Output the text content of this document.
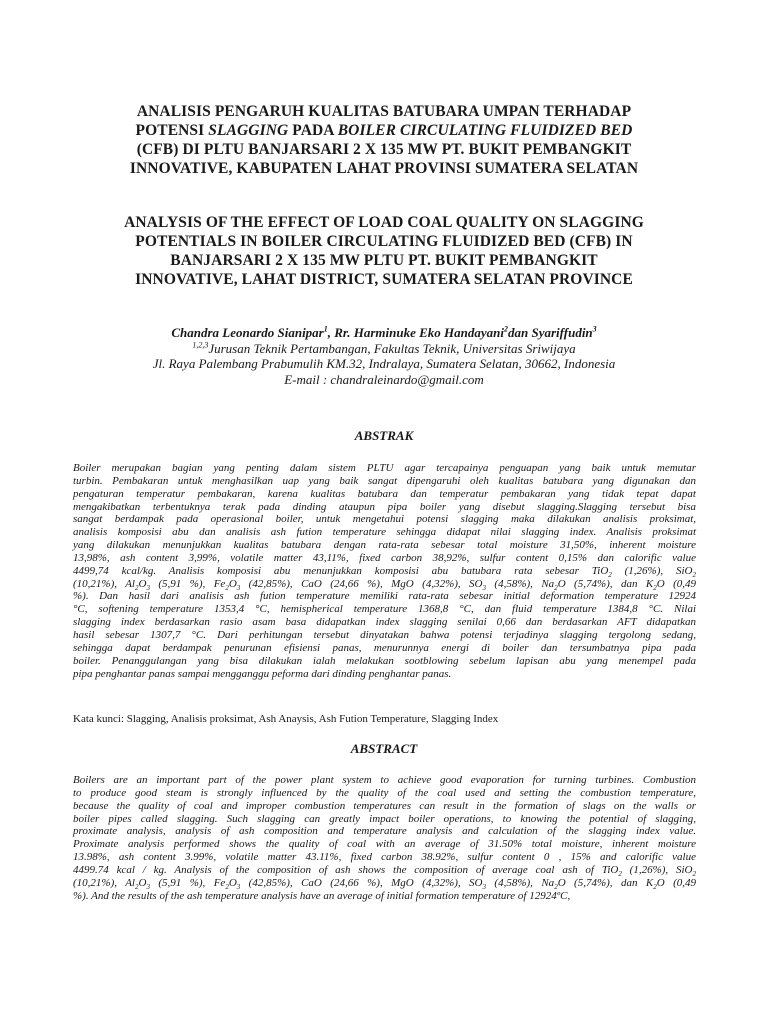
ANALISIS PENGARUH KUALITAS BATUBARA UMPAN TERHADAP
POTENSI SLAGGING PADA BOILER CIRCULATING FLUIDIZED BED
(CFB) DI PLTU BANJARSARI 2 X 135 MW PT. BUKIT PEMBANGKIT
INNOVATIVE, KABUPATEN LAHAT PROVINSI SUMATERA SELATAN
ANALYSIS OF THE EFFECT OF LOAD COAL QUALITY ON SLAGGING
POTENTIALS IN BOILER CIRCULATING FLUIDIZED BED (CFB) IN
BANJARSARI 2 X 135 MW PLTU PT. BUKIT PEMBANGKIT
INNOVATIVE, LAHAT DISTRICT, SUMATERA SELATAN PROVINCE
Chandra Leonardo Sianipar$^1$, Rr. Harminuke Eko Handayani$^2$dan Syariffudin$^3$
$^{1,2,3}$Jurusan Teknik Pertambangan, Fakultas Teknik, Universitas Sriwijaya
Jl. Raya Palembang Prabumulih KM.32, Indralaya, Sumatera Selatan, 30662, Indonesia
E-mail : chandraleinardo@gmail.com
ABSTRAK
Boiler merupakan bagian yang penting dalam sistem PLTU agar tercapainya penguapan yang baik untuk memutar
turbin. Pembakaran untuk menghasilkan uap yang baik sangat dipengaruhi oleh kualitas batubara yang digunakan dan
pengaturan temperatur pembakaran, karena kualitas batubara dan temperatur pembakaran yang tidak tepat dapat
mengakibatkan terbentuknya terak pada dinding ataupun pipa boiler yang disebut slagging.Slagging tersebut bisa
sangat berdampak pada operasional boiler, untuk mengetahui potensi slagging maka dilakukan analisis proksimat,
analisis komposisi abu dan analisis ash fution temperature sehingga didapat nilai slagging index. Analisis proksimat
yang dilakukan menunjukkan kualitas batubara dengan rata-rata sebesar total moisture 31,50%, inherent moisture
13,98%, ash content 3,99%, volatile matter 43,11%, fixed carbon 38,92%, sulfur content 0,15% dan calorific value
4499,74 kcal/kg. Analisis komposisi abu menunjukkan komposisi abu batubara rata sebesar TiO$_2$ (1,26%), SiO$_2$
(10,21%), $Al_2O_3$ (5,91 %), $Fe_2O_3$ (42,85%), CaO (24,66 %), MgO (4,32%), $SO_3$ (4,58%), $Na_2O$ (5,74%), dan $K_2O$ (0,49
%). Dan hasil dari analisis ash fution temperature memiliki rata-rata sebesar initial deformation temperature 12924
°C, softening temperature 1353,4 °C, hemispherical temperature 1368,8 °C, dan fluid temperature 1384,8 °C. Nilai
slagging index berdasarkan rasio asam basa didapatkan index slagging senilai 0,66 dan berdasarkan AFT didapatkan
hasil sebesar 1307,7 °C. Dari perhitungan tersebut dinyatakan bahwa potensi terjadinya slagging tergolong sedang,
sehingga dapat berdampak penurunan efisiensi panas, menurunnya energi di boiler dan tersumbatnya pipa pada
boiler. Penanggulangan yang bisa dilakukan ialah melakukan sootblowing sebelum lapisan abu yang menempel pada
pipa penghantar panas sampai mengganggu peforma dari dinding penghantar panas.
Kata kunci: Slagging, Analisis proksimat, Ash Anaysis, Ash Fution Temperature, Slagging Index
ABSTRACT
Boilers are an important part of the power plant system to achieve good evaporation for turning turbines. Combustion
to produce good steam is strongly influenced by the quality of the coal used and setting the combustion temperature,
because the quality of coal and improper combustion temperatures can result in the formation of slags on the walls or
boiler pipes called slagging. Such slagging can greatly impact boiler operations, to knowing the potential of slagging,
proximate analysis, analysis of ash composition and temperature analysis and calculation of the slagging index value.
Proximate analysis performed shows the quality of coal with an average of 31.50% total moisture, inherent moisture
13.98%, ash content 3.99%, volatile matter 43.11%, fixed carbon 38.92%, sulfur content 0 , 15% and calorific value
4499.74 kcal / kg. Analysis of the composition of ash shows the composition of average coal ash of TiO$_2$ (1,26%), SiO$_2$
(10,21%), $Al_2O_3$ (5,91 %), $Fe_2O_3$ (42,85%), CaO (24,66 %), MgO (4,32%), $SO_3$ (4,58%), $Na_2O$ (5,74%), dan $K_2O$ (0,49
%). And the results of the ash temperature analysis have an average of initial formation temperature of 12924ºC,
